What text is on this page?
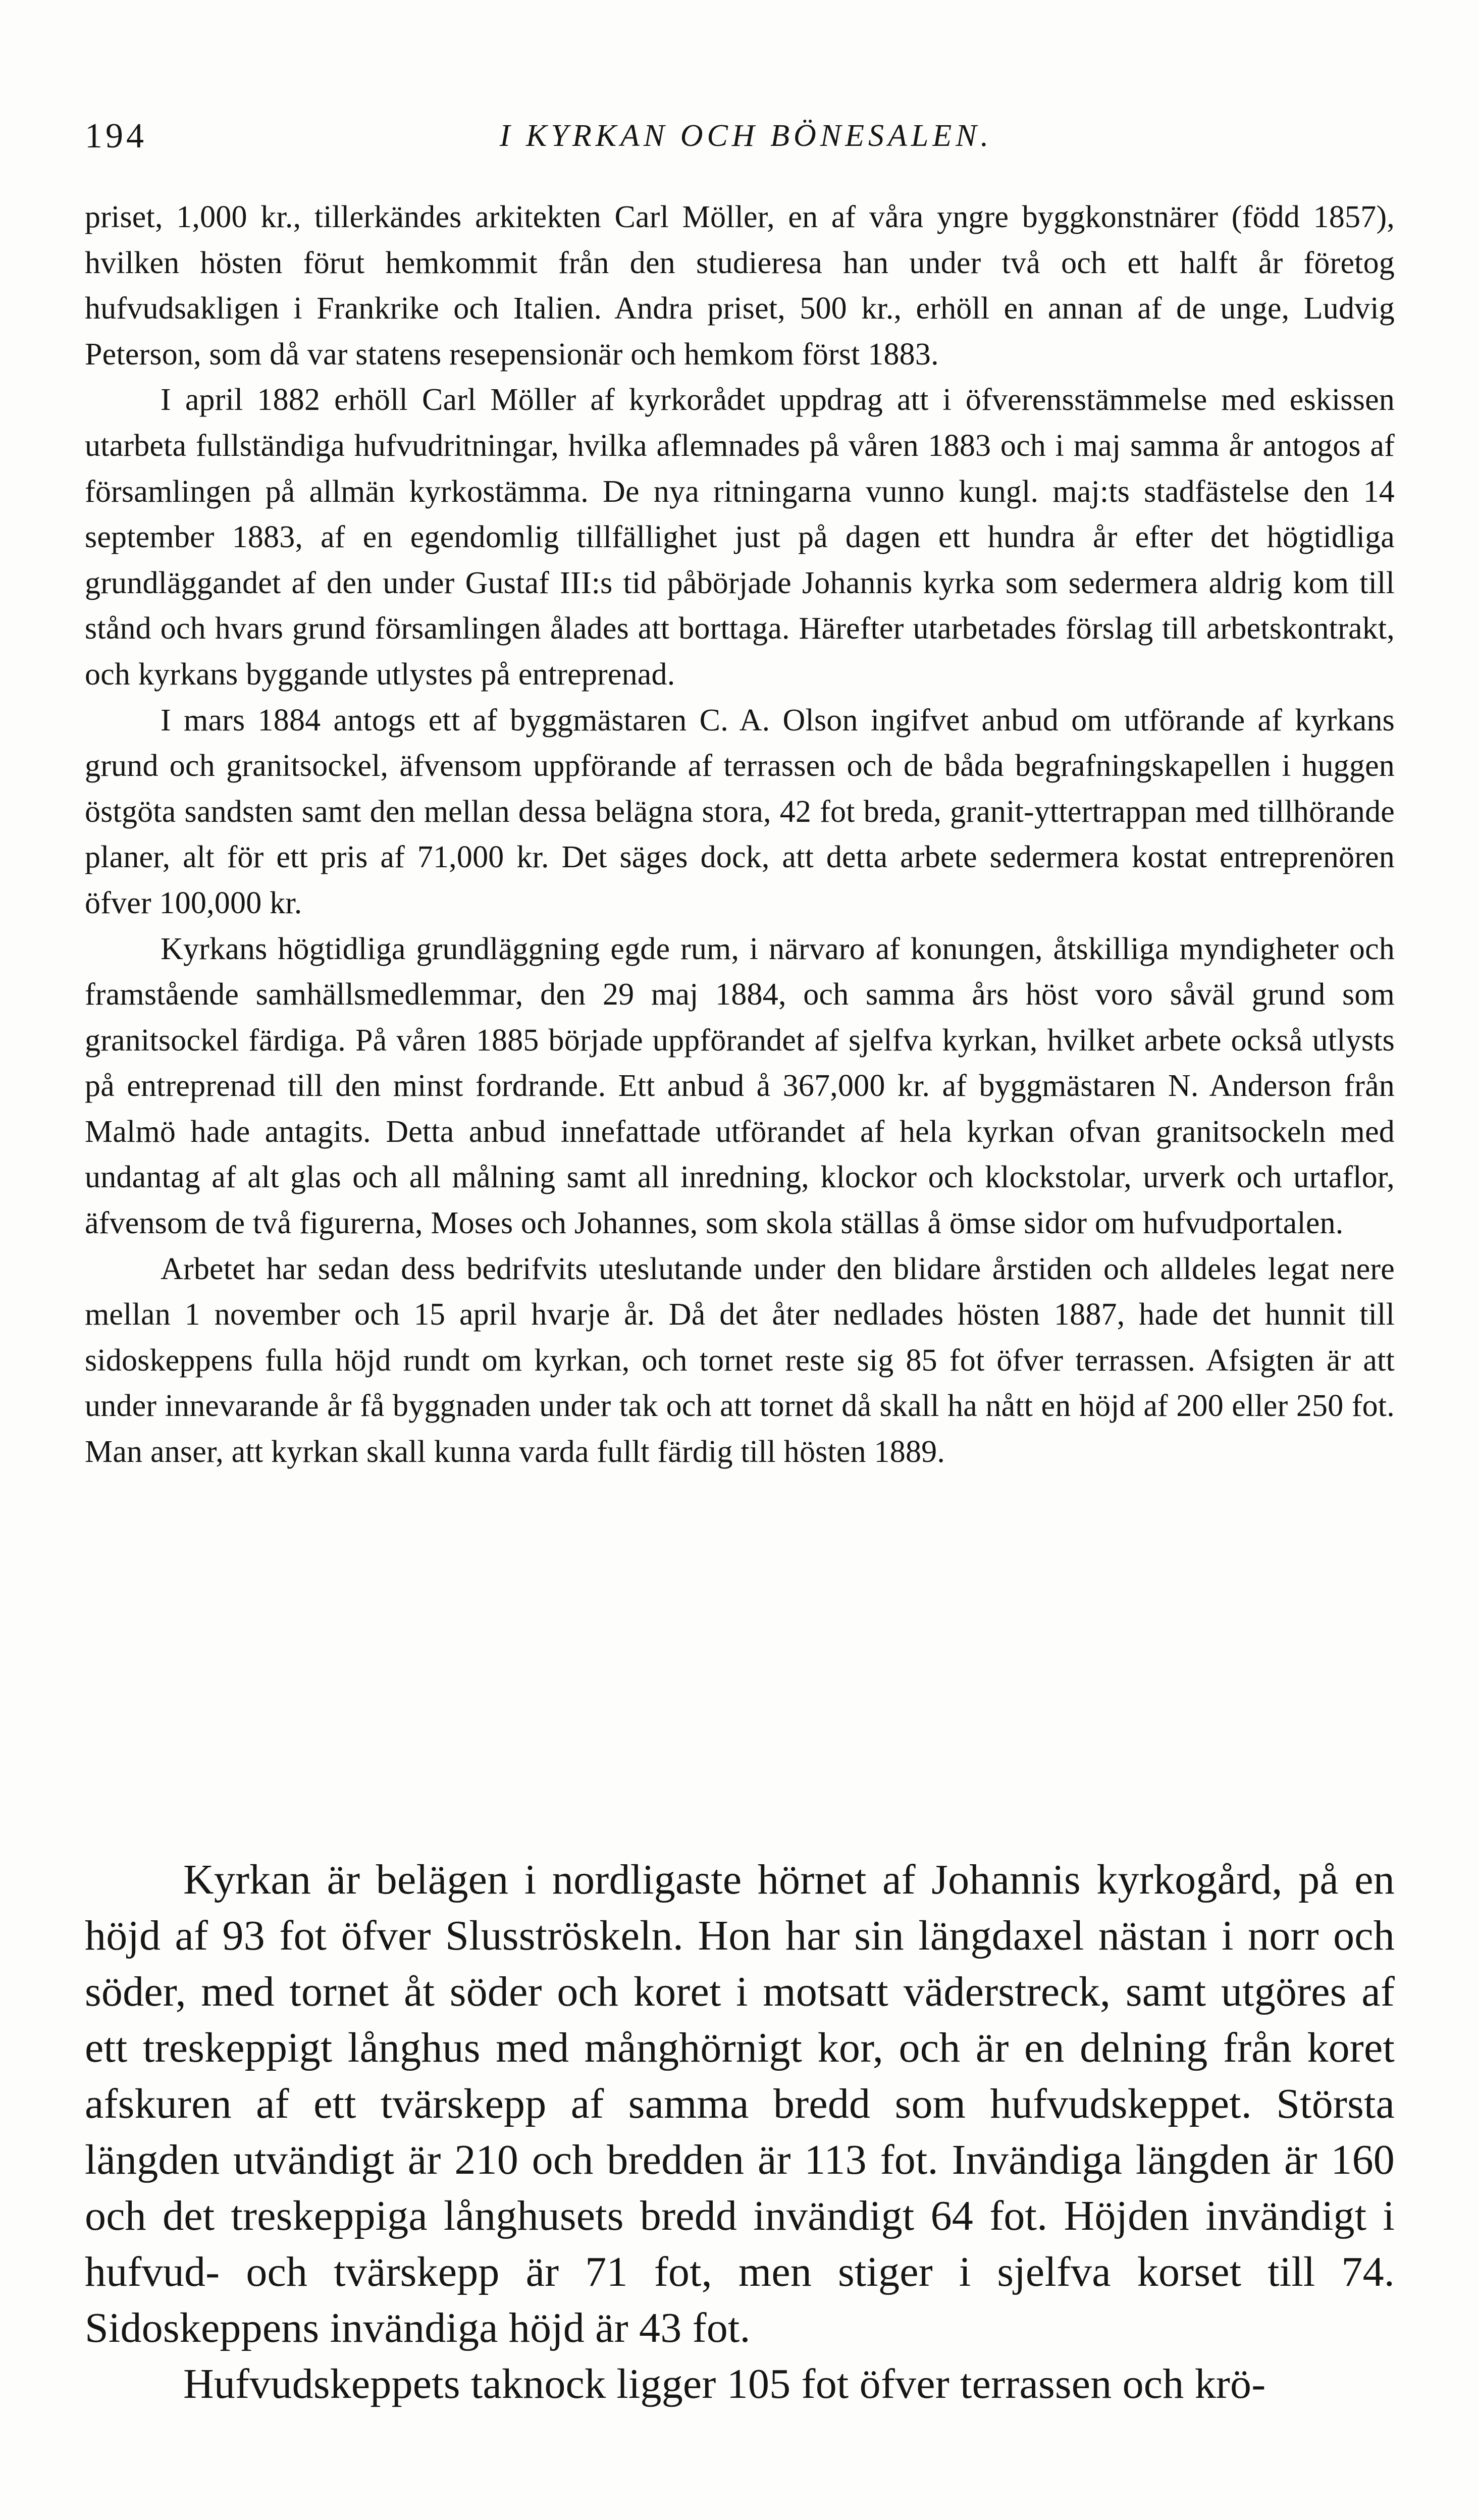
194	I KYRKAN OCH BÖNESALEN.

priset, 1,000 kr., tillerkändes arkitekten Carl Möller, en af våra yngre byggkonstnärer (född 1857), hvilken hösten förut hemkommit från den studieresa han under två och ett halft år företog hufvudsakligen i Frankrike och Italien. Andra priset, 500 kr., erhöll en annan af de unge, Ludvig Peterson, som då var statens resepensionär och hemkom först 1883.

I april 1882 erhöll Carl Möller af kyrkorådet uppdrag att i öfverensstämmelse med eskissen utarbeta fullständiga hufvudritningar, hvilka aflemnades på våren 1883 och i maj samma år antogos af församlingen på allmän kyrkostämma. De nya ritningarna vunno kungl. maj:ts stadfästelse den 14 september 1883, af en egendomlig tillfällighet just på dagen ett hundra år efter det högtidliga grundläggandet af den under Gustaf III:s tid påbörjade Johannis kyrka som sedermera aldrig kom till stånd och hvars grund församlingen ålades att borttaga. Härefter utarbetades förslag till arbetskontrakt, och kyrkans byggande utlystes på entreprenad.

I mars 1884 antogs ett af byggmästaren C. A. Olson ingifvet anbud om utförande af kyrkans grund och granitsockel, äfvensom uppförande af terrassen och de båda begrafningskapellen i huggen östgöta sandsten samt den mellan dessa belägna stora, 42 fot breda, granit-yttertrappan med tillhörande planer, alt för ett pris af 71,000 kr. Det säges dock, att detta arbete sedermera kostat entreprenören öfver 100,000 kr.

Kyrkans högtidliga grundläggning egde rum, i närvaro af konungen, åtskilliga myndigheter och framstående samhällsmedlemmar, den 29 maj 1884, och samma års höst voro såväl grund som granitsockel färdiga. På våren 1885 började uppförandet af sjelfva kyrkan, hvilket arbete också utlysts på entreprenad till den minst fordrande. Ett anbud å 367,000 kr. af byggmästaren N. Anderson från Malmö hade antagits. Detta anbud innefattade utförandet af hela kyrkan ofvan granitsockeln med undantag af alt glas och all målning samt all inredning, klockor och klockstolar, urverk och urtaflor, äfvensom de två figurerna, Moses och Johannes, som skola ställas å ömse sidor om hufvudportalen.

Arbetet har sedan dess bedrifvits uteslutande under den blidare årstiden och alldeles legat nere mellan 1 november och 15 april hvarje år. Då det åter nedlades hösten 1887, hade det hunnit till sidoskeppens fulla höjd rundt om kyrkan, och tornet reste sig 85 fot öfver terrassen. Afsigten är att under innevarande år få byggnaden under tak och att tornet då skall ha nått en höjd af 200 eller 250 fot. Man anser, att kyrkan skall kunna varda fullt färdig till hösten 1889.

Kyrkan är belägen i nordligaste hörnet af Johannis kyrkogård, på en höjd af 93 fot öfver Slusströskeln. Hon har sin längdaxel nästan i norr och söder, med tornet åt söder och koret i motsatt väderstreck, samt utgöres af ett treskeppigt långhus med månghörnigt kor, och är en delning från koret afskuren af ett tvärskepp af samma bredd som hufvudskeppet. Största längden utvändigt är 210 och bredden är 113 fot. Invändiga längden är 160 och det treskeppiga långhusets bredd invändigt 64 fot. Höjden invändigt i hufvud- och tvärskepp är 71 fot, men stiger i sjelfva korset till 74. Sidoskeppens invändiga höjd är 43 fot.

Hufvudskeppets taknock ligger 105 fot öfver terrassen och krö-
